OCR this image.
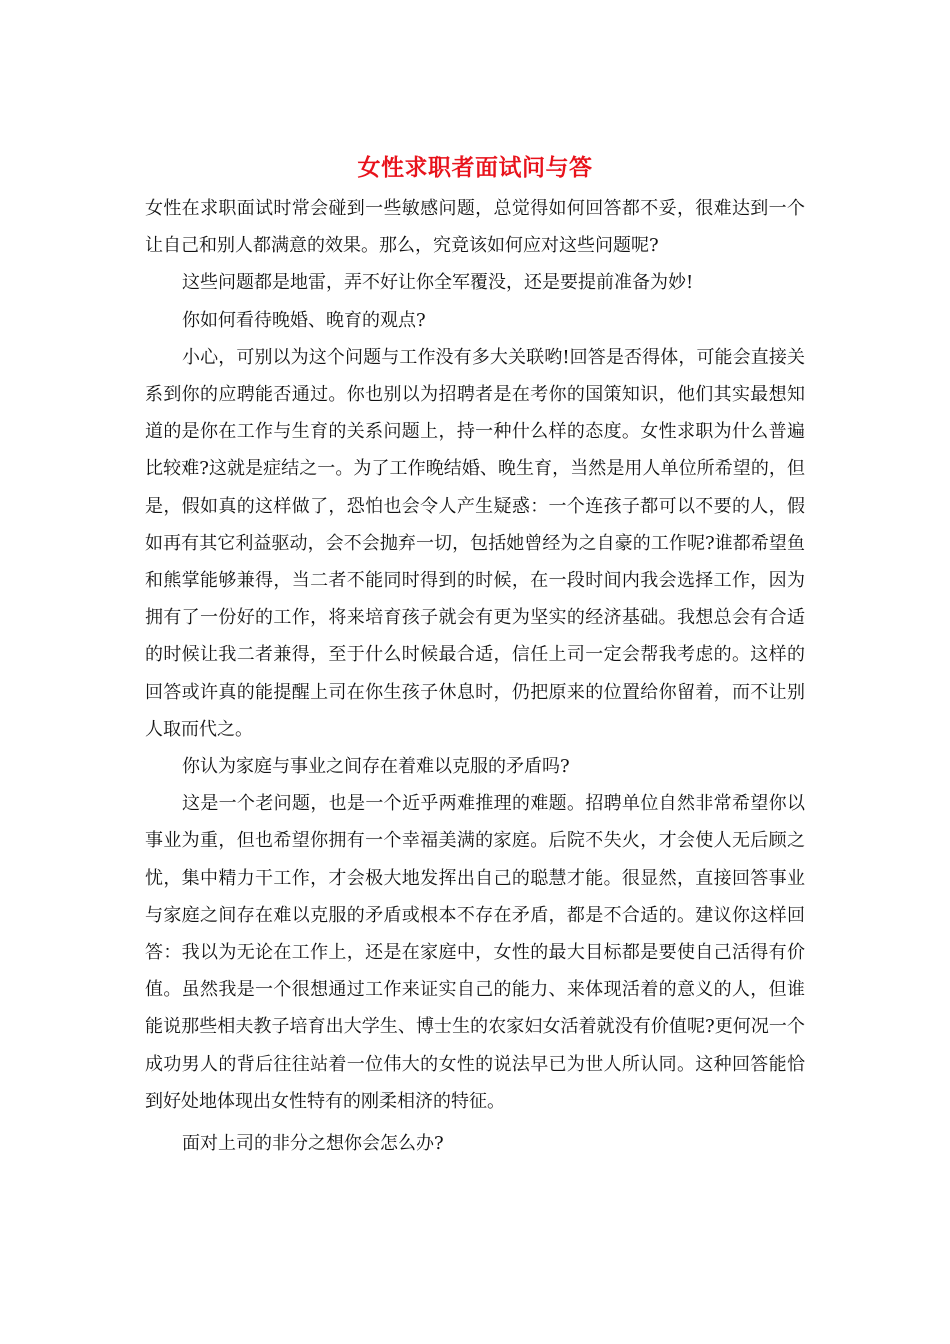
女性求职者面试问与答

女性在求职面试时常会碰到一些敏感问题，总觉得如何回答都不妥，很难达到一个让自己和别人都满意的效果。那么，究竟该如何应对这些问题呢?

这些问题都是地雷，弄不好让你全军覆没，还是要提前准备为妙!

你如何看待晚婚、晚育的观点?

小心，可别以为这个问题与工作没有多大关联哟!回答是否得体，可能会直接关系到你的应聘能否通过。你也别以为招聘者是在考你的国策知识，他们其实最想知道的是你在工作与生育的关系问题上，持一种什么样的态度。女性求职为什么普遍比较难?这就是症结之一。为了工作晚结婚、晚生育，当然是用人单位所希望的，但是，假如真的这样做了，恐怕也会令人产生疑惑：一个连孩子都可以不要的人，假如再有其它利益驱动，会不会抛弃一切，包括她曾经为之自豪的工作呢?谁都希望鱼和熊掌能够兼得，当二者不能同时得到的时候，在一段时间内我会选择工作，因为拥有了一份好的工作，将来培育孩子就会有更为坚实的经济基础。我想总会有合适的时候让我二者兼得，至于什么时候最合适，信任上司一定会帮我考虑的。这样的回答或许真的能提醒上司在你生孩子休息时，仍把原来的位置给你留着，而不让别人取而代之。

你认为家庭与事业之间存在着难以克服的矛盾吗?

这是一个老问题，也是一个近乎两难推理的难题。招聘单位自然非常希望你以事业为重，但也希望你拥有一个幸福美满的家庭。后院不失火，才会使人无后顾之忧，集中精力干工作，才会极大地发挥出自己的聪慧才能。很显然，直接回答事业与家庭之间存在难以克服的矛盾或根本不存在矛盾，都是不合适的。建议你这样回答：我以为无论在工作上，还是在家庭中，女性的最大目标都是要使自己活得有价值。虽然我是一个很想通过工作来证实自己的能力、来体现活着的意义的人，但谁能说那些相夫教子培育出大学生、博士生的农家妇女活着就没有价值呢?更何况一个成功男人的背后往往站着一位伟大的女性的说法早已为世人所认同。这种回答能恰到好处地体现出女性特有的刚柔相济的特征。

面对上司的非分之想你会怎么办?
